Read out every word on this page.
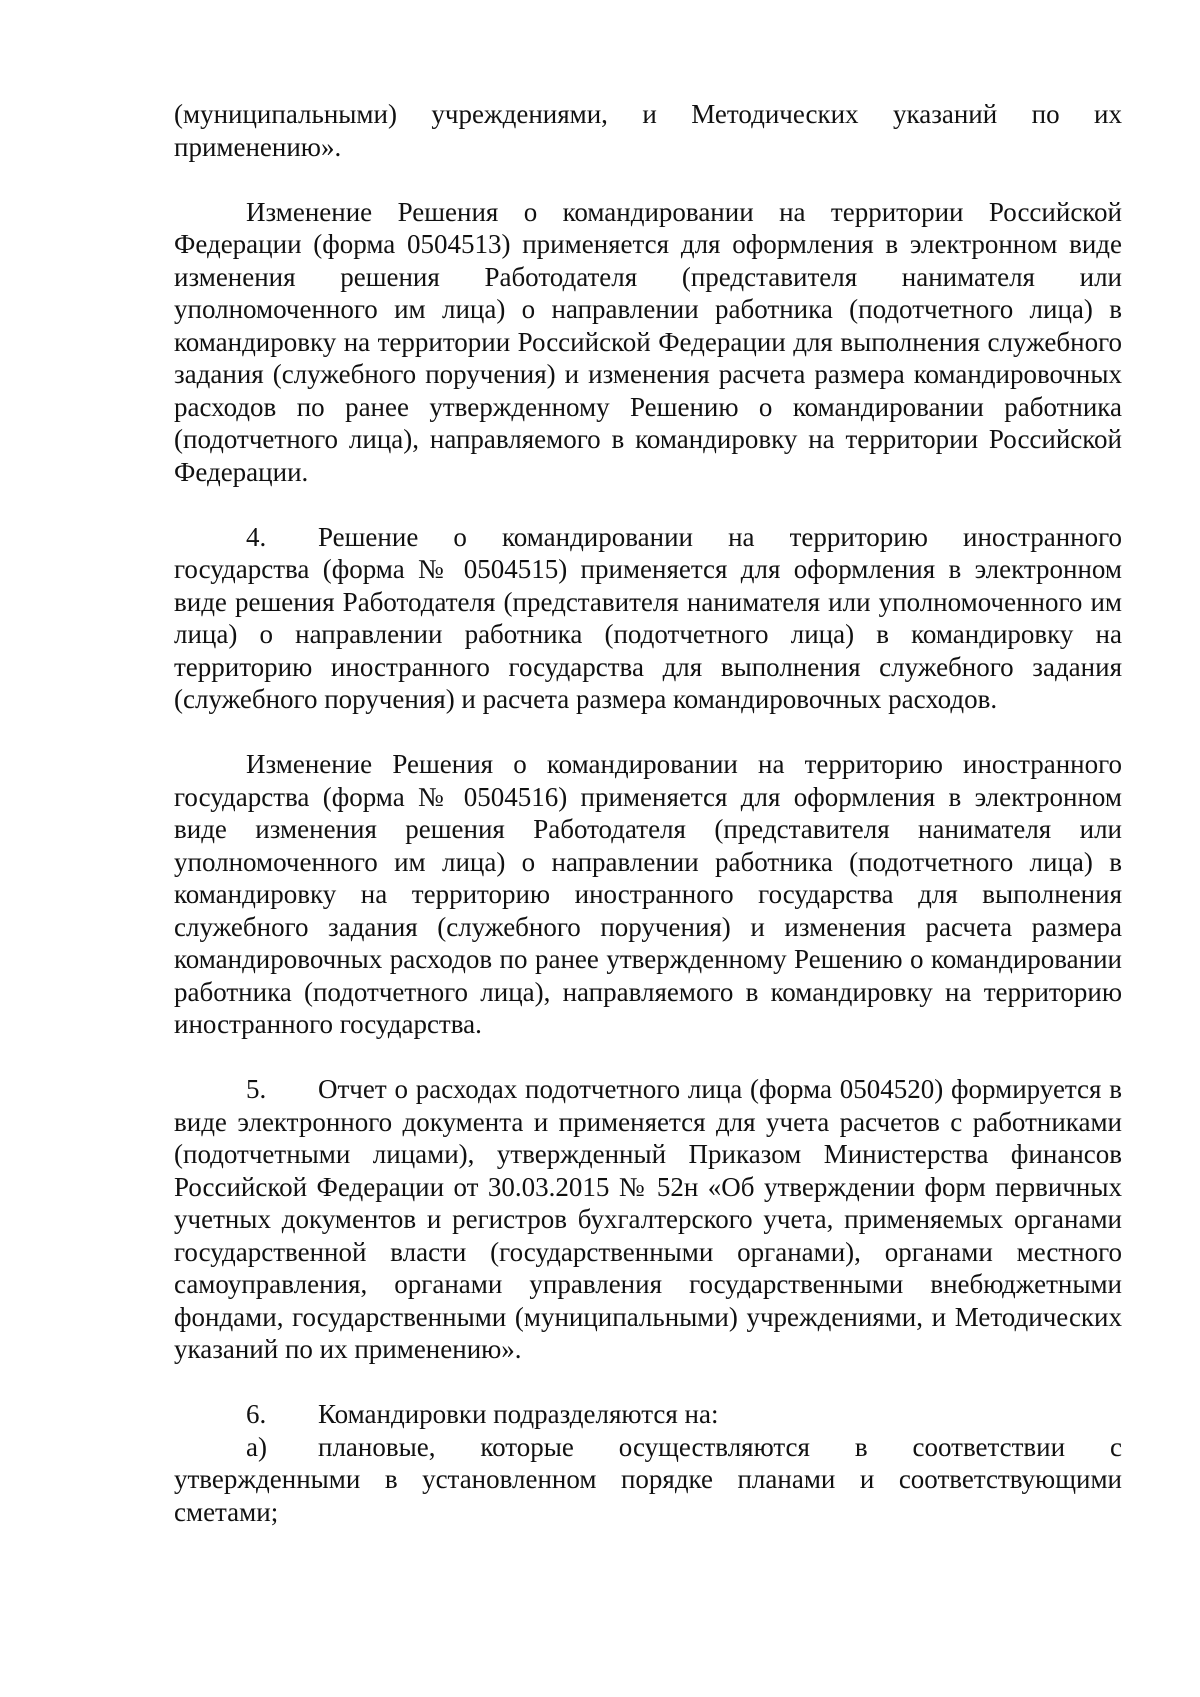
(муниципальными) учреждениями, и Методических указаний по их применению».

Изменение Решения о командировании на территории Российской Федерации (форма 0504513) применяется для оформления в электронном виде изменения решения Работодателя (представителя нанимателя или уполномоченного им лица) о направлении работника (подотчетного лица) в командировку на территории Российской Федерации для выполнения служебного задания (служебного поручения) и изменения расчета размера командировочных расходов по ранее утвержденному Решению о командировании работника (подотчетного лица), направляемого в командировку на территории Российской Федерации.

4. Решение о командировании на территорию иностранного государства (форма № 0504515) применяется для оформления в электронном виде решения Работодателя (представителя нанимателя или уполномоченного им лица) о направлении работника (подотчетного лица) в командировку на территорию иностранного государства для выполнения служебного задания (служебного поручения) и расчета размера командировочных расходов.

Изменение Решения о командировании на территорию иностранного государства (форма № 0504516) применяется для оформления в электронном виде изменения решения Работодателя (представителя нанимателя или уполномоченного им лица) о направлении работника (подотчетного лица) в командировку на территорию иностранного государства для выполнения служебного задания (служебного поручения) и изменения расчета размера командировочных расходов по ранее утвержденному Решению о командировании работника (подотчетного лица), направляемого в командировку на территорию иностранного государства.

5. Отчет о расходах подотчетного лица (форма 0504520) формируется в виде электронного документа и применяется для учета расчетов с работниками (подотчетными лицами), утвержденный Приказом Министерства финансов Российской Федерации от 30.03.2015 № 52н «Об утверждении форм первичных учетных документов и регистров бухгалтерского учета, применяемых органами государственной власти (государственными органами), органами местного самоуправления, органами управления государственными внебюджетными фондами, государственными (муниципальными) учреждениями, и Методических указаний по их применению».

6. Командировки подразделяются на:

а) плановые, которые осуществляются в соответствии с утвержденными в установленном порядке планами и соответствующими сметами;
